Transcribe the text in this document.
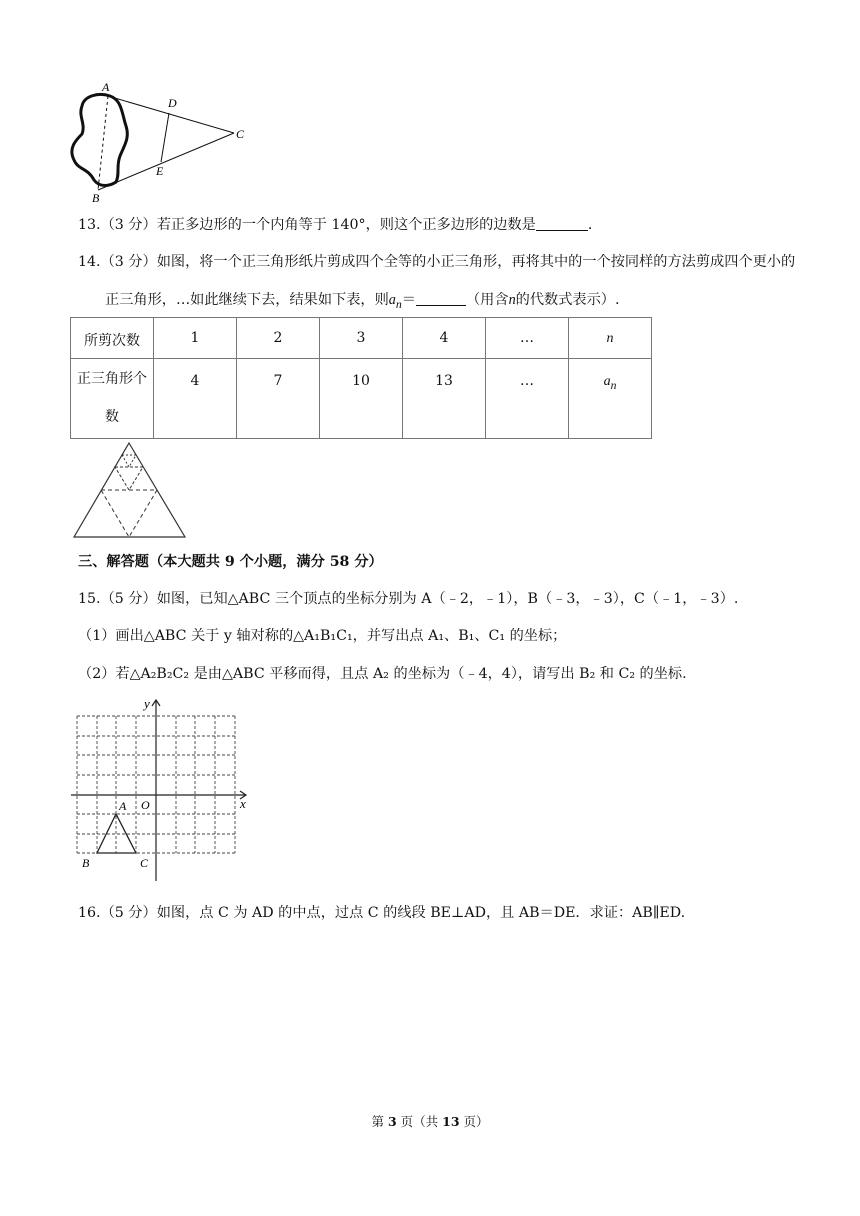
A
B
C
D
E
13.（3 分）若正多边形的一个内角等于 140°，则这个正多边形的边数是	.
14.（3 分）如图，将一个正三角形纸片剪成四个全等的小正三角形，再将其中的一个按同样的方法剪成四个更小的
正三角形，…如此继续下去，结果如下表，则$a_n=$	（用含n的代数式表示）.
所剪次数	1	2	3	4	…	n

正三角形个
数	4	7	10	13	…	$a_n$
三、解答题（本大题共 9 个小题，满分 58 分）
15.（5 分）如图，已知△ABC 三个顶点的坐标分别为 A（﹣2，﹣1），B（﹣3，﹣3），C（﹣1，﹣3）.
（1）画出△ABC 关于 y 轴对称的△A₁B₁C₁，并写出点 A₁、B₁、C₁ 的坐标；
（2）若△A₂B₂C₂ 是由△ABC 平移而得，且点 A₂ 的坐标为（﹣4，4），请写出 B₂ 和 C₂ 的坐标.
y
x
O
A
B	C
16.（5 分）如图，点 C 为 AD 的中点，过点 C 的线段 BE⊥AD，且 AB＝DE．求证：AB∥ED.
第 3 页（共 13 页）
